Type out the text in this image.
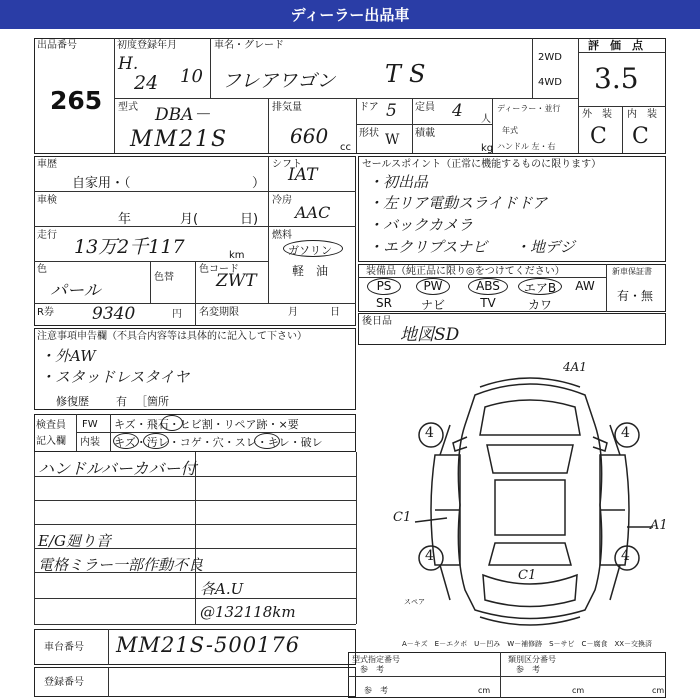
ディーラー出品車
出品番号
265
初度登録年月
H.
24 10
車名・グレード
フレアワゴン TS
2WD
4WD
評　価　点
3.5
外　装 内　装
C C
型式 DBA－
MM21S
排気量
660 cc
ドア 5 定員 4 人
形状 W 積載
kg
ディーラー・並行
年式
ハンドル 左・右
車歴
自家用・（	）
シフト
IAT
車検
年	月(	日)
冷房
AAC
走行
13万2千117	km
燃料
ガソリン
軽　油
色
パール
色替
色コード
ZWT
R券 9340	円 名変期限	月	日
セールスポイント（正常に機能するものに限ります）
・初出品
・左リア電動スライドドア
・バックカメラ
・エクリプスナビ ・地デジ
装備品（純正品に限り◎をつけてください）	新車保証書
有・無
PS	PW	ABS	エアB	AW
SR	ナビ	TV	カワ
後日品
地図SD
注意事項申告欄（不具合内容等は具体的に記入して下さい）
・外AW
・スタッドレスタイヤ
修復歴 有 ［箇所
検査員
記入欄
FW キズ・飛石・ヒビ割・リペア跡・×要
内装 キズ・汚レ・コゲ・穴・スレ・キレ・破レ
ハンドルバーカバー付
E/G廻り音
電格ミラー一部作動不良
各A.U
@132118km
4A1
4	4
4	4
C1
A1
C1
スペア
A－キズ　E－エクボ　U－凹み　W－補修跡　S－サビ　C－腐食　XX－交換済
車台番号 MM21S-500176
登録番号
型式指定番号
参　考
類別区分番号
参　考
参　考	cm	cm	cm
